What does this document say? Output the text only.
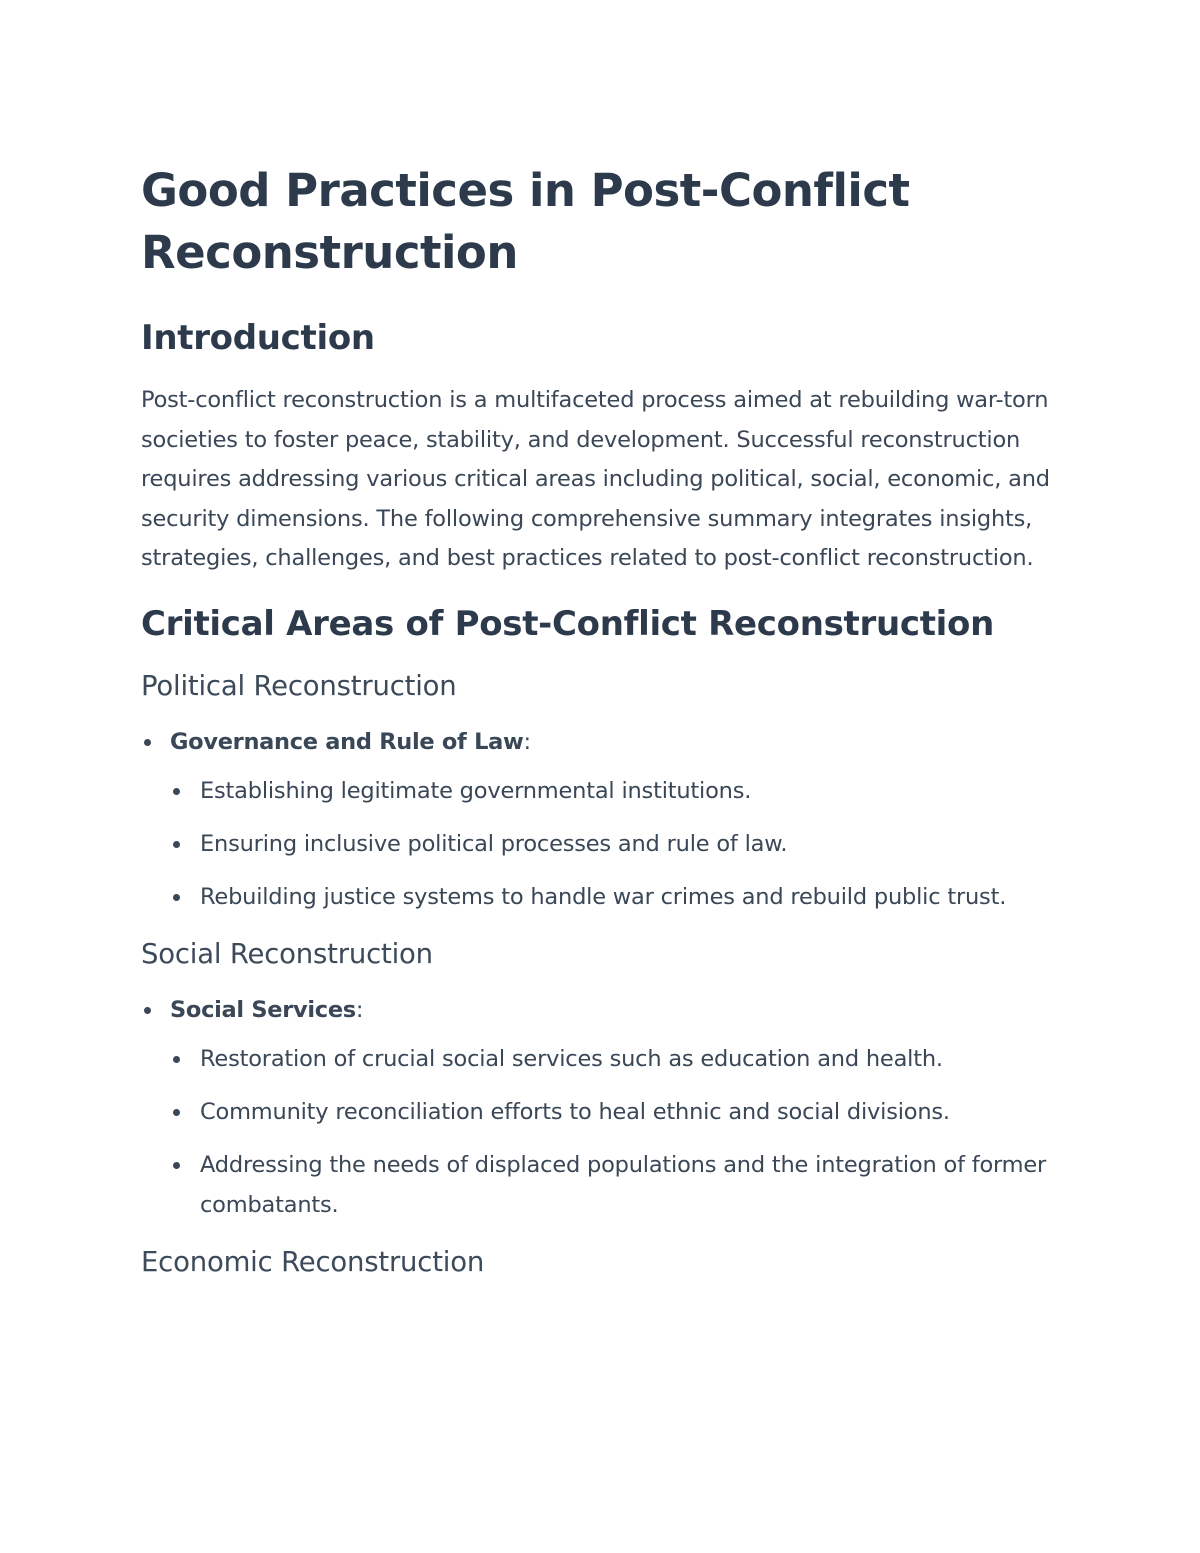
Good Practices in Post-Conflict Reconstruction
Introduction

Post-conflict reconstruction is a multifaceted process aimed at rebuilding war-torn societies to foster peace, stability, and development. Successful reconstruction requires addressing various critical areas including political, social, economic, and security dimensions. The following comprehensive summary integrates insights, strategies, challenges, and best practices related to post-conflict reconstruction.

Critical Areas of Post-Conflict Reconstruction
Political Reconstruction
Governance and Rule of Law:
Establishing legitimate governmental institutions.
Ensuring inclusive political processes and rule of law.
Rebuilding justice systems to handle war crimes and rebuild public trust.
Social Reconstruction
Social Services:
Restoration of crucial social services such as education and health.
Community reconciliation efforts to heal ethnic and social divisions.
Addressing the needs of displaced populations and the integration of former combatants.
Economic Reconstruction
